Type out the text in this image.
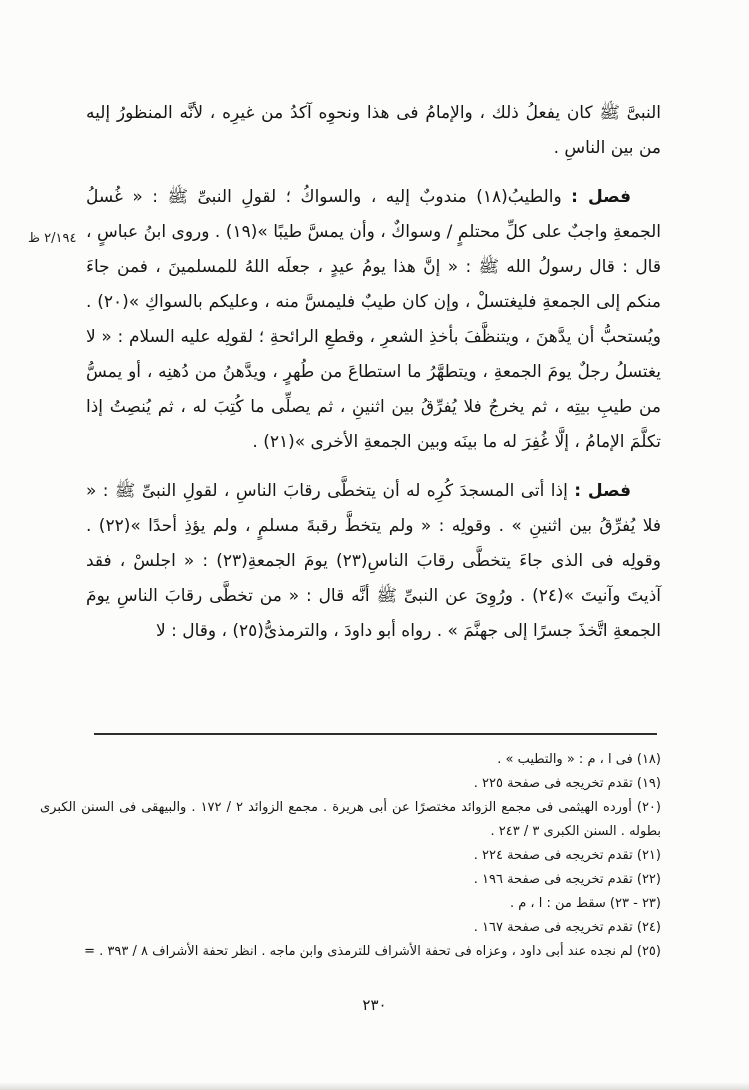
٢/١٩٤ ظ

النبىَّ ﷺ كان يفعلُ ذلك ، والإمامُ فى هذا ونحوِه آكدُ من غيرِه ، لأنَّه المنظورُ إليه من بين الناسِ .

فصل : والطيبُ(١٨) مندوبٌ إليه ، والسواكُ ؛ لقولِ النبىِّ ﷺ : « غُسلُ الجمعةِ واجبٌ على كلِّ محتلمٍ / وسواكٌ ، وأن يمسَّ طيبًا »(١٩) . وروى ابنُ عباسٍ ، قال : قال رسولُ الله ﷺ : « إنَّ هذا يومُ عيدٍ ، جعلَه اللهُ للمسلمينَ ، فمن جاءَ منكم إلى الجمعةِ فليغتسلْ ، وإن كان طيبٌ فليمسَّ منه ، وعليكم بالسواكِ »(٢٠) . ويُستحبُّ أن يدَّهنَ ، ويتنظَّفَ بأخذِ الشعرِ ، وقطعِ الرائحةِ ؛ لقولِه عليه السلام : « لا يغتسلُ رجلٌ يومَ الجمعةِ ، ويتطهَّرُ ما استطاعَ من طُهرٍ ، ويدَّهنُ من دُهنِه ، أو يمسُّ من طيبِ بيتِه ، ثم يخرجُ فلا يُفرِّقُ بين اثنينِ ، ثم يصلِّى ما كُتِبَ له ، ثم يُنصِتُ إذا تكلَّمَ الإمامُ ، إلَّا غُفِرَ له ما بينَه وبين الجمعةِ الأخرى »(٢١) .

فصل : إذا أتى المسجدَ كُرِه له أن يتخطَّى رقابَ الناسِ ، لقولِ النبىِّ ﷺ : « فلا يُفرِّقُ بين اثنينِ » . وقولِه : « ولم يتخطَّ رقبةَ مسلمٍ ، ولم يؤذِ أحدًا »(٢٢) . وقولِه فى الذى جاءَ يتخطَّى رقابَ الناسِ(٢٣) يومَ الجمعةِ(٢٣) : « اجلسْ ، فقد آذيتَ وآنيتَ »(٢٤) . ورُوِىَ عن النبىِّ ﷺ أنَّه قال : « من تخطَّى رقابَ الناسِ يومَ الجمعةِ اتَّخذَ جسرًا إلى جهنَّمَ » . رواه أبو داودَ ، والترمذىُّ(٢٥) ، وقال : لا

(١٨) فى ا ، م : « والتطيب » .

(١٩) تقدم تخريجه فى صفحة ٢٢٥ .

(٢٠) أورده الهيثمى فى مجمع الزوائد مختصرًا عن أبى هريرة . مجمع الزوائد ٢ / ١٧٢ . والبيهقى فى السنن الكبرى بطوله . السنن الكبرى ٣ / ٢٤٣ .

(٢١) تقدم تخريجه فى صفحة ٢٢٤ .

(٢٢) تقدم تخريجه فى صفحة ١٩٦ .

(٢٣ - ٢٣) سقط من : ا ، م .

(٢٤) تقدم تخريجه فى صفحة ١٦٧ .

(٢٥) لم نجده عند أبى داود ، وعزاه فى تحفة الأشراف للترمذى وابن ماجه . انظر تحفة الأشراف ٨ / ٣٩٣ . =

٢٣٠
